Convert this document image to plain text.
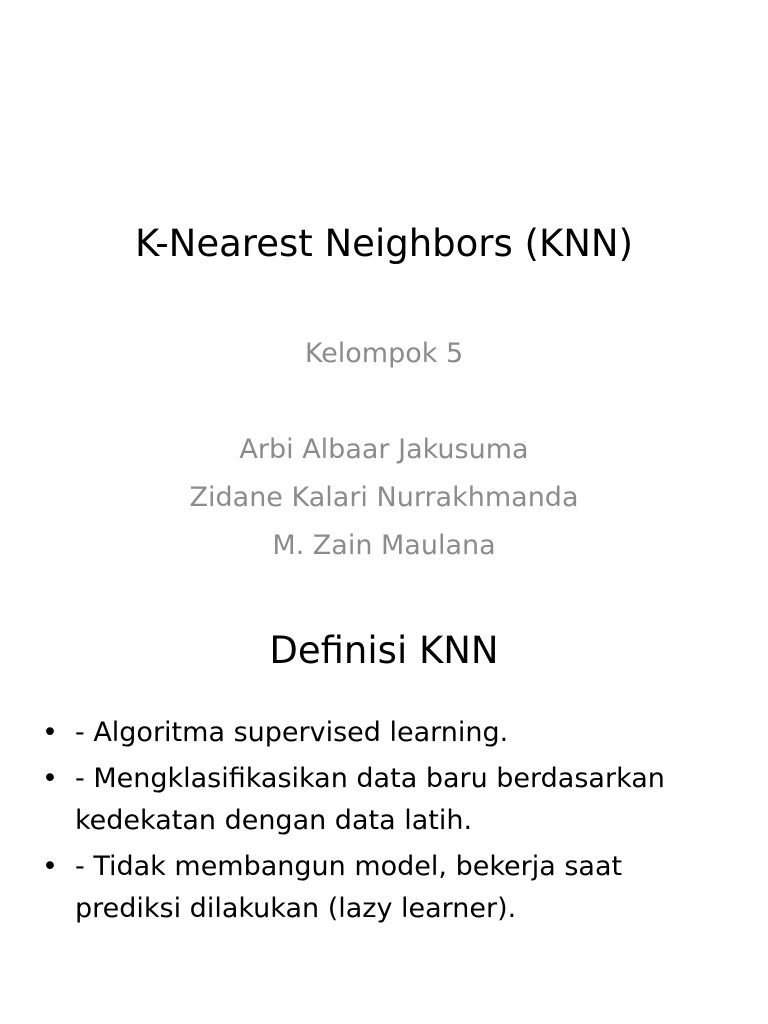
K-Nearest Neighbors (KNN)
Kelompok 5
Arbi Albaar Jakusuma
Zidane Kalari Nurrakhmanda
M. Zain Maulana
Definisi KNN
• - Algoritma supervised learning.
• - Mengklasifikasikan data baru berdasarkan kedekatan dengan data latih.
• - Tidak membangun model, bekerja saat prediksi dilakukan (lazy learner).
